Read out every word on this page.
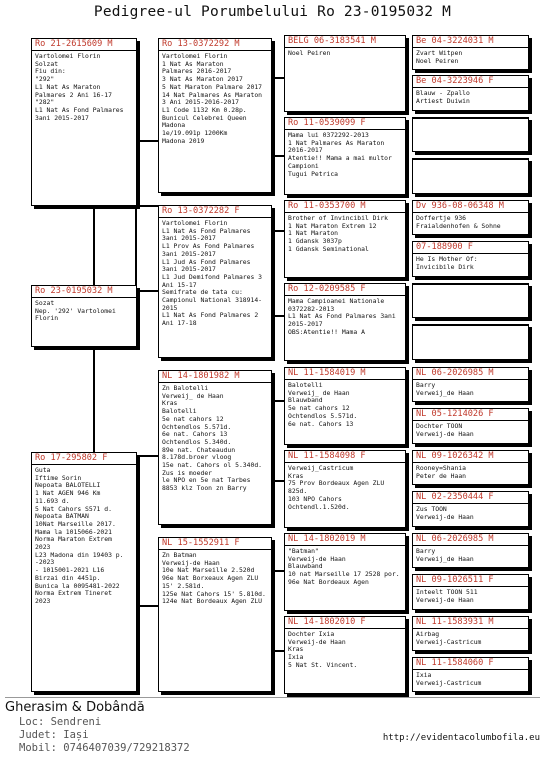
Pedigree-ul Porumbelului Ro 23-0195032 M
Ro 21-2615609 M
Vartolomei Florin
Solzat
Fiu din:
"292"
L1 Nat As Maraton
Palmares 2 Ani 16-17
"282"
L1 Nat As Fond Palmares
3ani 2015-2017
Ro 23-0195032 M
Sozat
Nep. '292' Vartolomei Florin
Ro 17-295802 F
Guta
Iftime Sorin
Nepoata BALOTELLI
1 Nat AGEN 946 Km
11.693 d.
5 Nat Cahors S571 d.
Nepoata BATMAN
10Nat Marseille 2017.
Mama la 1015066-2021
Norma Maraton Extrem
2023
L23 Madona din 19403 p.
-2023
- 1015001-2021 L16
Birzai din 4451p.
Bunica la 0095481-2022
Norma Extrem Tineret
2023
Ro 13-0372292 M
Vartolomei Florin
1 Nat As Maraton
Palmares 2016-2017
3 Nat As Maraton 2017
5 Nat Maraton Palmare 2017
14 Nat Palmares As Maraton 3 Ani 2015-2016-2017
L1 Code 1132 Km 0.28p.
Bunicul Celebrei Queen Madona
1e/19.091p 1200Km
Madona 2019
Ro 13-0372282 F
Vartolomei Florin
L1 Nat As Fond Palmares 3ani 2015-2017
L1 Prov As Fond Palmares 3ani 2015-2017
L1 Jud As Fond Palmares 3ani 2015-2017
L1 Jud Demifond Palmares 3 Ani 15-17
Semifrate de tata cu: Campionul National 318914-2015
L1 Nat As Fond Palmares 2 Ani 17-18
NL 14-1801982 M
Zn Balotelli
Verweij_ de Haan
Kras
Balotelli
5e nat cahors 12
Ochtendlos 5.571d.
6e nat. Cahors 13
Ochtendlos 5.340d.
89e nat. Chateaudun 8.178d.broer vloog
15e nat. Cahors ol 5.340d. Zus is moeder
le NPO en 5e nat Tarbes
8853 klz Toon zn Barry
NL 15-1552911 F
Zn Batman
Verweij-de Haan
10e Nat Marseille 2.520d
96e Nat Borxeaux Agen ZLU 15' 2.581d.
125e Nat Cahors 15' 5.810d.
124e Nat Bordeaux Agen ZLU
BELG 06-3183541 M
Noel Peiren
Ro 11-0539099 F
Mama lui 0372292-2013
1 Nat Palmares As Maraton 2016-2017
Atentie!! Mama a mai multor Campioni
Tugui Petrica
Ro 11-0353700 M
Brother of Invincibil Dirk
1 Nat Maraton Extrem 12
1 Nat Maraton
1 Gdansk 3037p
1 Gdansk Seminational
Ro 12-0209585 F
Mama Campioanei Nationale
0372282-2013
L1 Nat As Fond Palmares 3ani 2015-2017
OBS:Atentie!! Mama A
NL 11-1584019 M
Balotelli
Verweij_ de Haan
Blauwband
5e nat cahors 12
Ochtendlos 5.571d.
6e nat. Cahors 13
NL 11-1584098 F
Verweij_Castricum
Kras
75 Prov Bordeaux Agen ZLU 825d.
103 NPO Cahors Ochtendl.1.520d.
NL 14-1802019 M
"Batman"
Verweij-de Haan
Blauwband
10 nat Marseille 17 2528 por.
96e Nat Bordeaux Agen
NL 14-1802010 F
Dochter Ixia
Verweij-de Haan
Kras
Ixia
5 Nat St. Vincent.
Be 04-3224031 M
Zvart Witpen
Noel Peiren
Be 04-3223946 F
Blauw - Zpallo
Artiest Duiwin
Dv 936-08-06348 M
Doffertje 936
Fraialdenhofen & Sohne
07-188900 F
He Is Mother Of:
Invicibile Dirk
NL 06-2026985 M
Barry
Verweij_de Haan
NL 05-1214026 F
Dochter TOON
Verweij-de Haan
NL 09-1026342 M
Rooney=Shania
Peter de Haan
NL 02-2350444 F
Zus TOON
Verweij-de Haan
NL 06-2026985 M
Barry
Verweij_de Haan
NL 09-1026511 F
Inteelt TOON 511
Verweij-de Haan
NL 11-1583931 M
Airbag
Verweij-Castricum
NL 11-1584060 F
Ixia
Verweij-Castricum
Gherasim & Dobândă
Loc: Sendreni
Judet: Iași
Mobil: 0746407039/729218372
http://evidentacolumbofila.eu
